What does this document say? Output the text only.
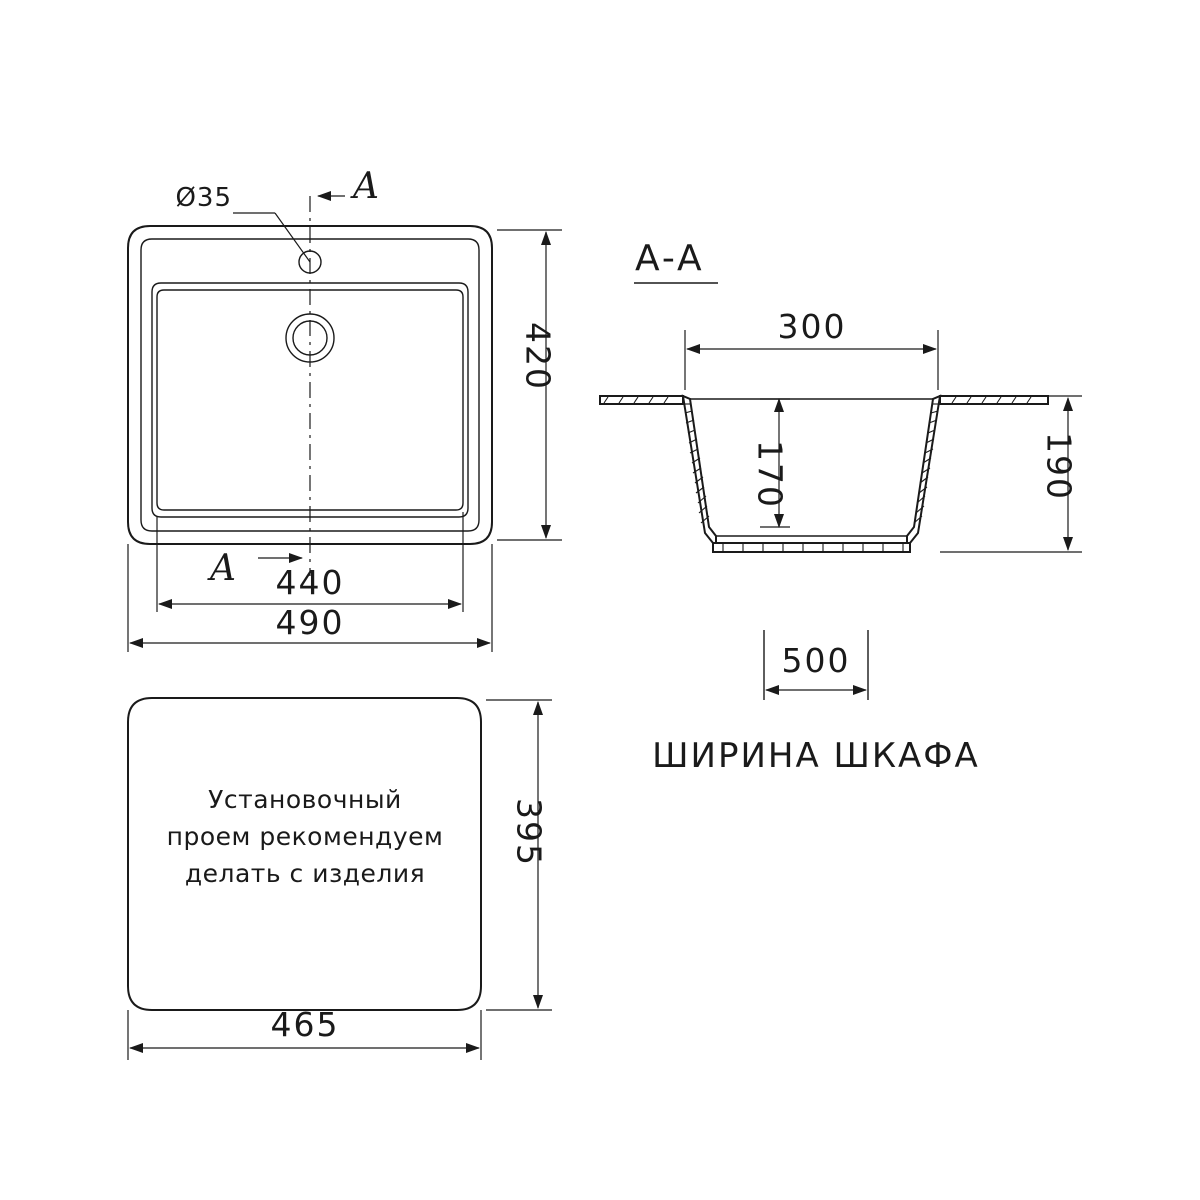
Ø35	A
A
420
440
490
A-A
300
170	190
500
ШИРИНА ШКАФА
Установочный
проем рекомендуем
делать с изделия
395
465
